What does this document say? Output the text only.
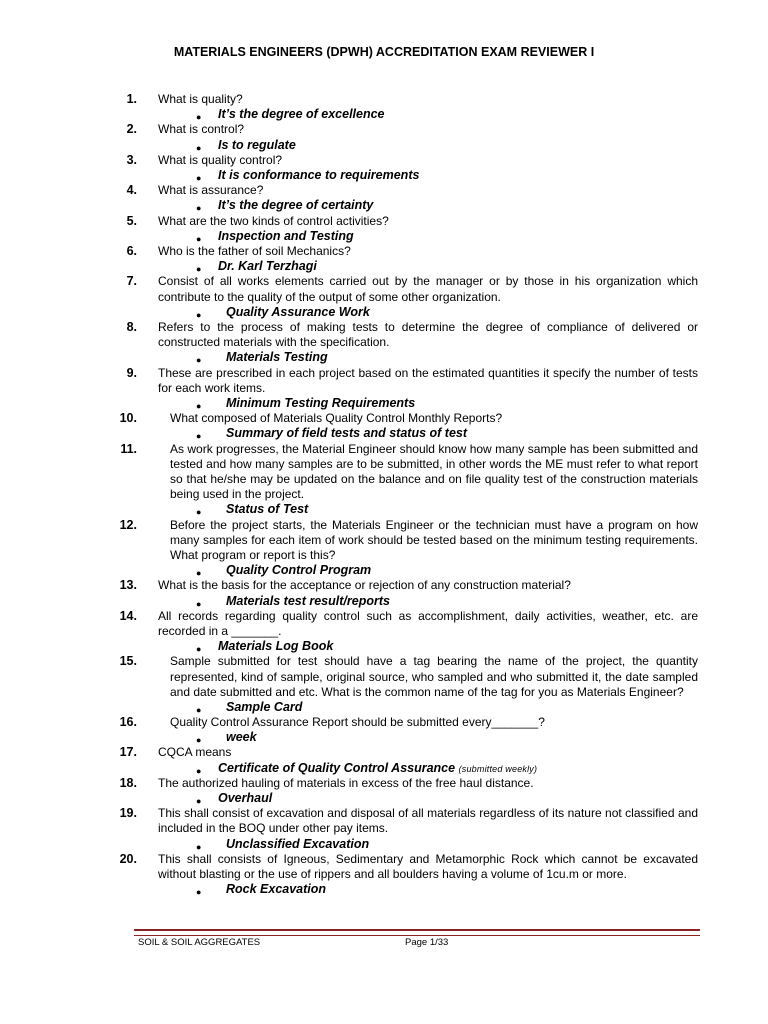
MATERIALS ENGINEERS (DPWH) ACCREDITATION EXAM REVIEWER I
1. What is quality?
● It’s the degree of excellence
2. What is control?
● Is to regulate
3. What is quality control?
● It is conformance to requirements
4. What is assurance?
● It’s the degree of certainty
5. What are the two kinds of control activities?
● Inspection and Testing
6. Who is the father of soil Mechanics?
● Dr. Karl Terzhagi
7. Consist of all works elements carried out by the manager or by those in his organization which contribute to the quality of the output of some other organization.
● Quality Assurance Work
8. Refers to the process of making tests to determine the degree of compliance of delivered or constructed materials with the specification.
● Materials Testing
9. These are prescribed in each project based on the estimated quantities it specify the number of tests for each work items.
● Minimum Testing Requirements
10.	What composed of Materials Quality Control Monthly Reports?
● Summary of field tests and status of test
11.	As work progresses, the Material Engineer should know how many sample has been submitted and tested and how many samples are to be submitted, in other words the ME must refer to what report so that he/she may be updated on the balance and on file quality test of the construction materials being used in the project.
● Status of Test
12.	Before the project starts, the Materials Engineer or the technician must have a program on how many samples for each item of work should be tested based on the minimum testing requirements. What program or report is this?
● Quality Control Program
13. What is the basis for the acceptance or rejection of any construction material?
● Materials test result/reports
14. All records regarding quality control such as accomplishment, daily activities, weather, etc. are recorded in a _______.
● Materials Log Book
15.	Sample submitted for test should have a tag bearing the name of the project, the quantity represented, kind of sample, original source, who sampled and who submitted it, the date sampled and date submitted and etc. What is the common name of the tag for you as Materials Engineer?
● Sample Card
16.	Quality Control Assurance Report should be submitted every_______?
● week
17. CQCA means
● Certificate of Quality Control Assurance (submitted weekly)
18. The authorized hauling of materials in excess of the free haul distance.
● Overhaul
19. This shall consist of excavation and disposal of all materials regardless of its nature not classified and included in the BOQ under other pay items.
● Unclassified Excavation
20. This shall consists of Igneous, Sedimentary and Metamorphic Rock which cannot be excavated without blasting or the use of rippers and all boulders having a volume of 1cu.m or more.
● Rock Excavation
SOIL & SOIL AGGREGATES	Page 1/33
